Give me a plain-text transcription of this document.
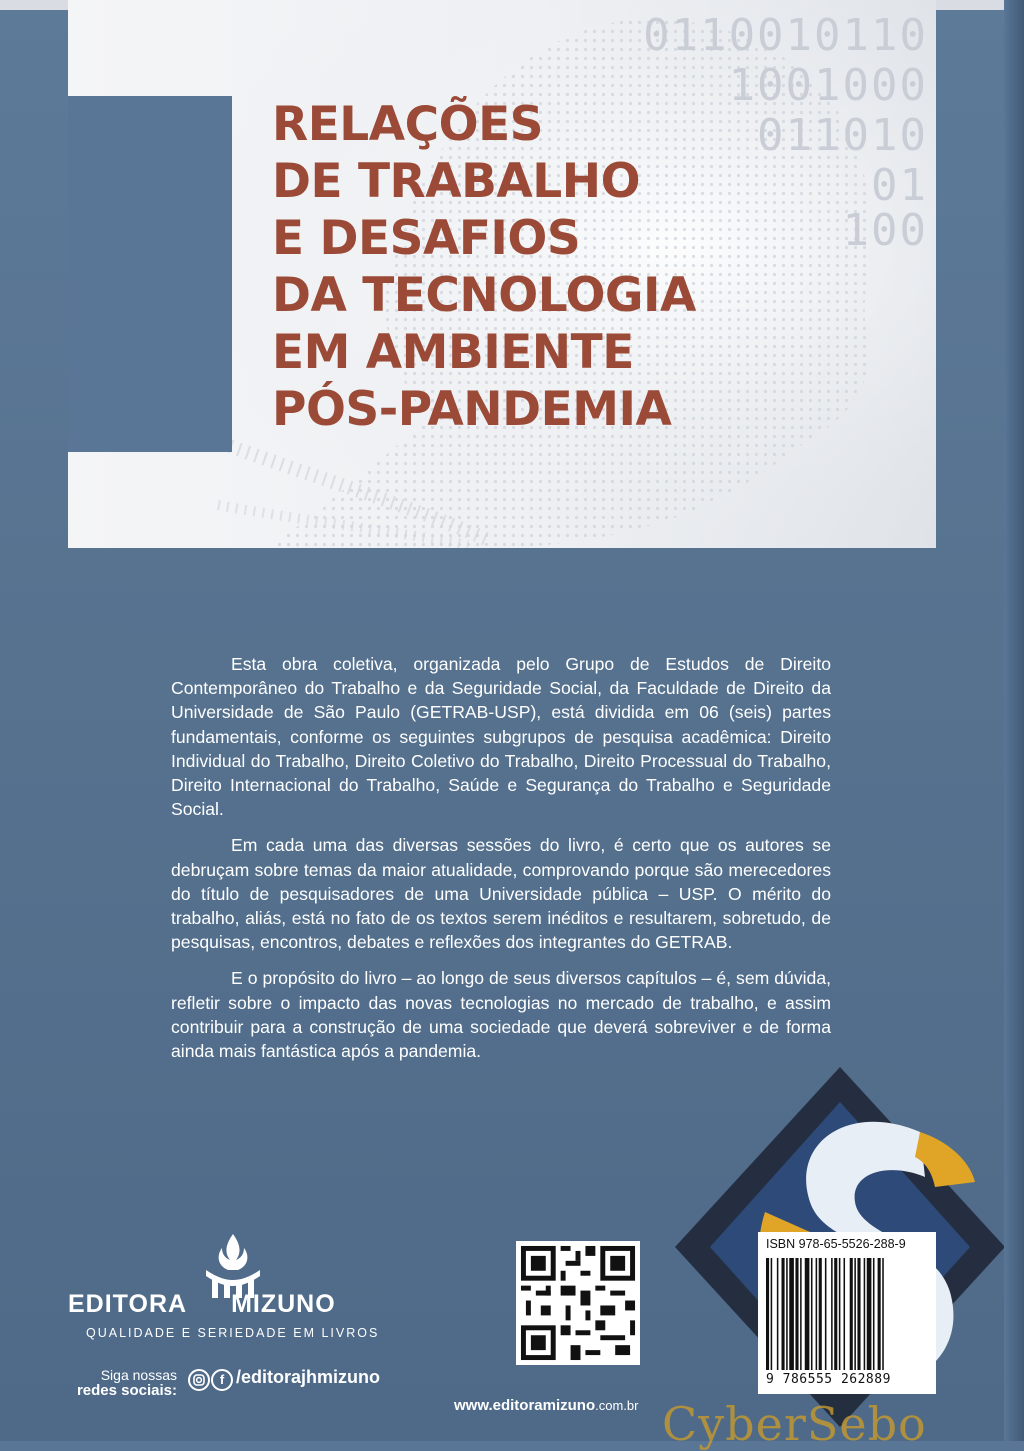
0110010110
1001000
011010
01
100
RELAÇÕES
DE TRABALHO
E DESAFIOS
DA TECNOLOGIA
EM AMBIENTE
PÓS-PANDEMIA

Esta obra coletiva, organizada pelo Grupo de Estudos de Direito Contemporâneo do Trabalho e da Seguridade Social, da Faculdade de Direito da Universidade de São Paulo (GETRAB-USP), está dividida em 06 (seis) partes fundamentais, conforme os seguintes subgrupos de pesquisa acadêmica: Direito Individual do Trabalho, Direito Coletivo do Trabalho, Direito Processual do Trabalho, Direito Internacional do Trabalho, Saúde e Segurança do Trabalho e Seguridade Social.

Em cada uma das diversas sessões do livro, é certo que os autores se debruçam sobre temas da maior atualidade, comprovando porque são merecedores do título de pesquisadores de uma Universidade pública – USP. O mérito do trabalho, aliás, está no fato de os textos serem inéditos e resultarem, sobretudo, de pesquisas, encontros, debates e reflexões dos integrantes do GETRAB.

E o propósito do livro – ao longo de seus diversos capítulos – é, sem dúvida, refletir sobre o impacto das novas tecnologias no mercado de trabalho, e assim contribuir para a construção de uma sociedade que deverá sobreviver e de forma ainda mais fantástica após a pandemia.

EDITORA MIZUNO
QUALIDADE E SERIEDADE EM LIVROS
Siga nossas
redes sociais:
f /editorajhmizuno
www.editoramizuno.com.br
ISBN 978-65-5526-288-9
9 786555 262889
CyberSebo
